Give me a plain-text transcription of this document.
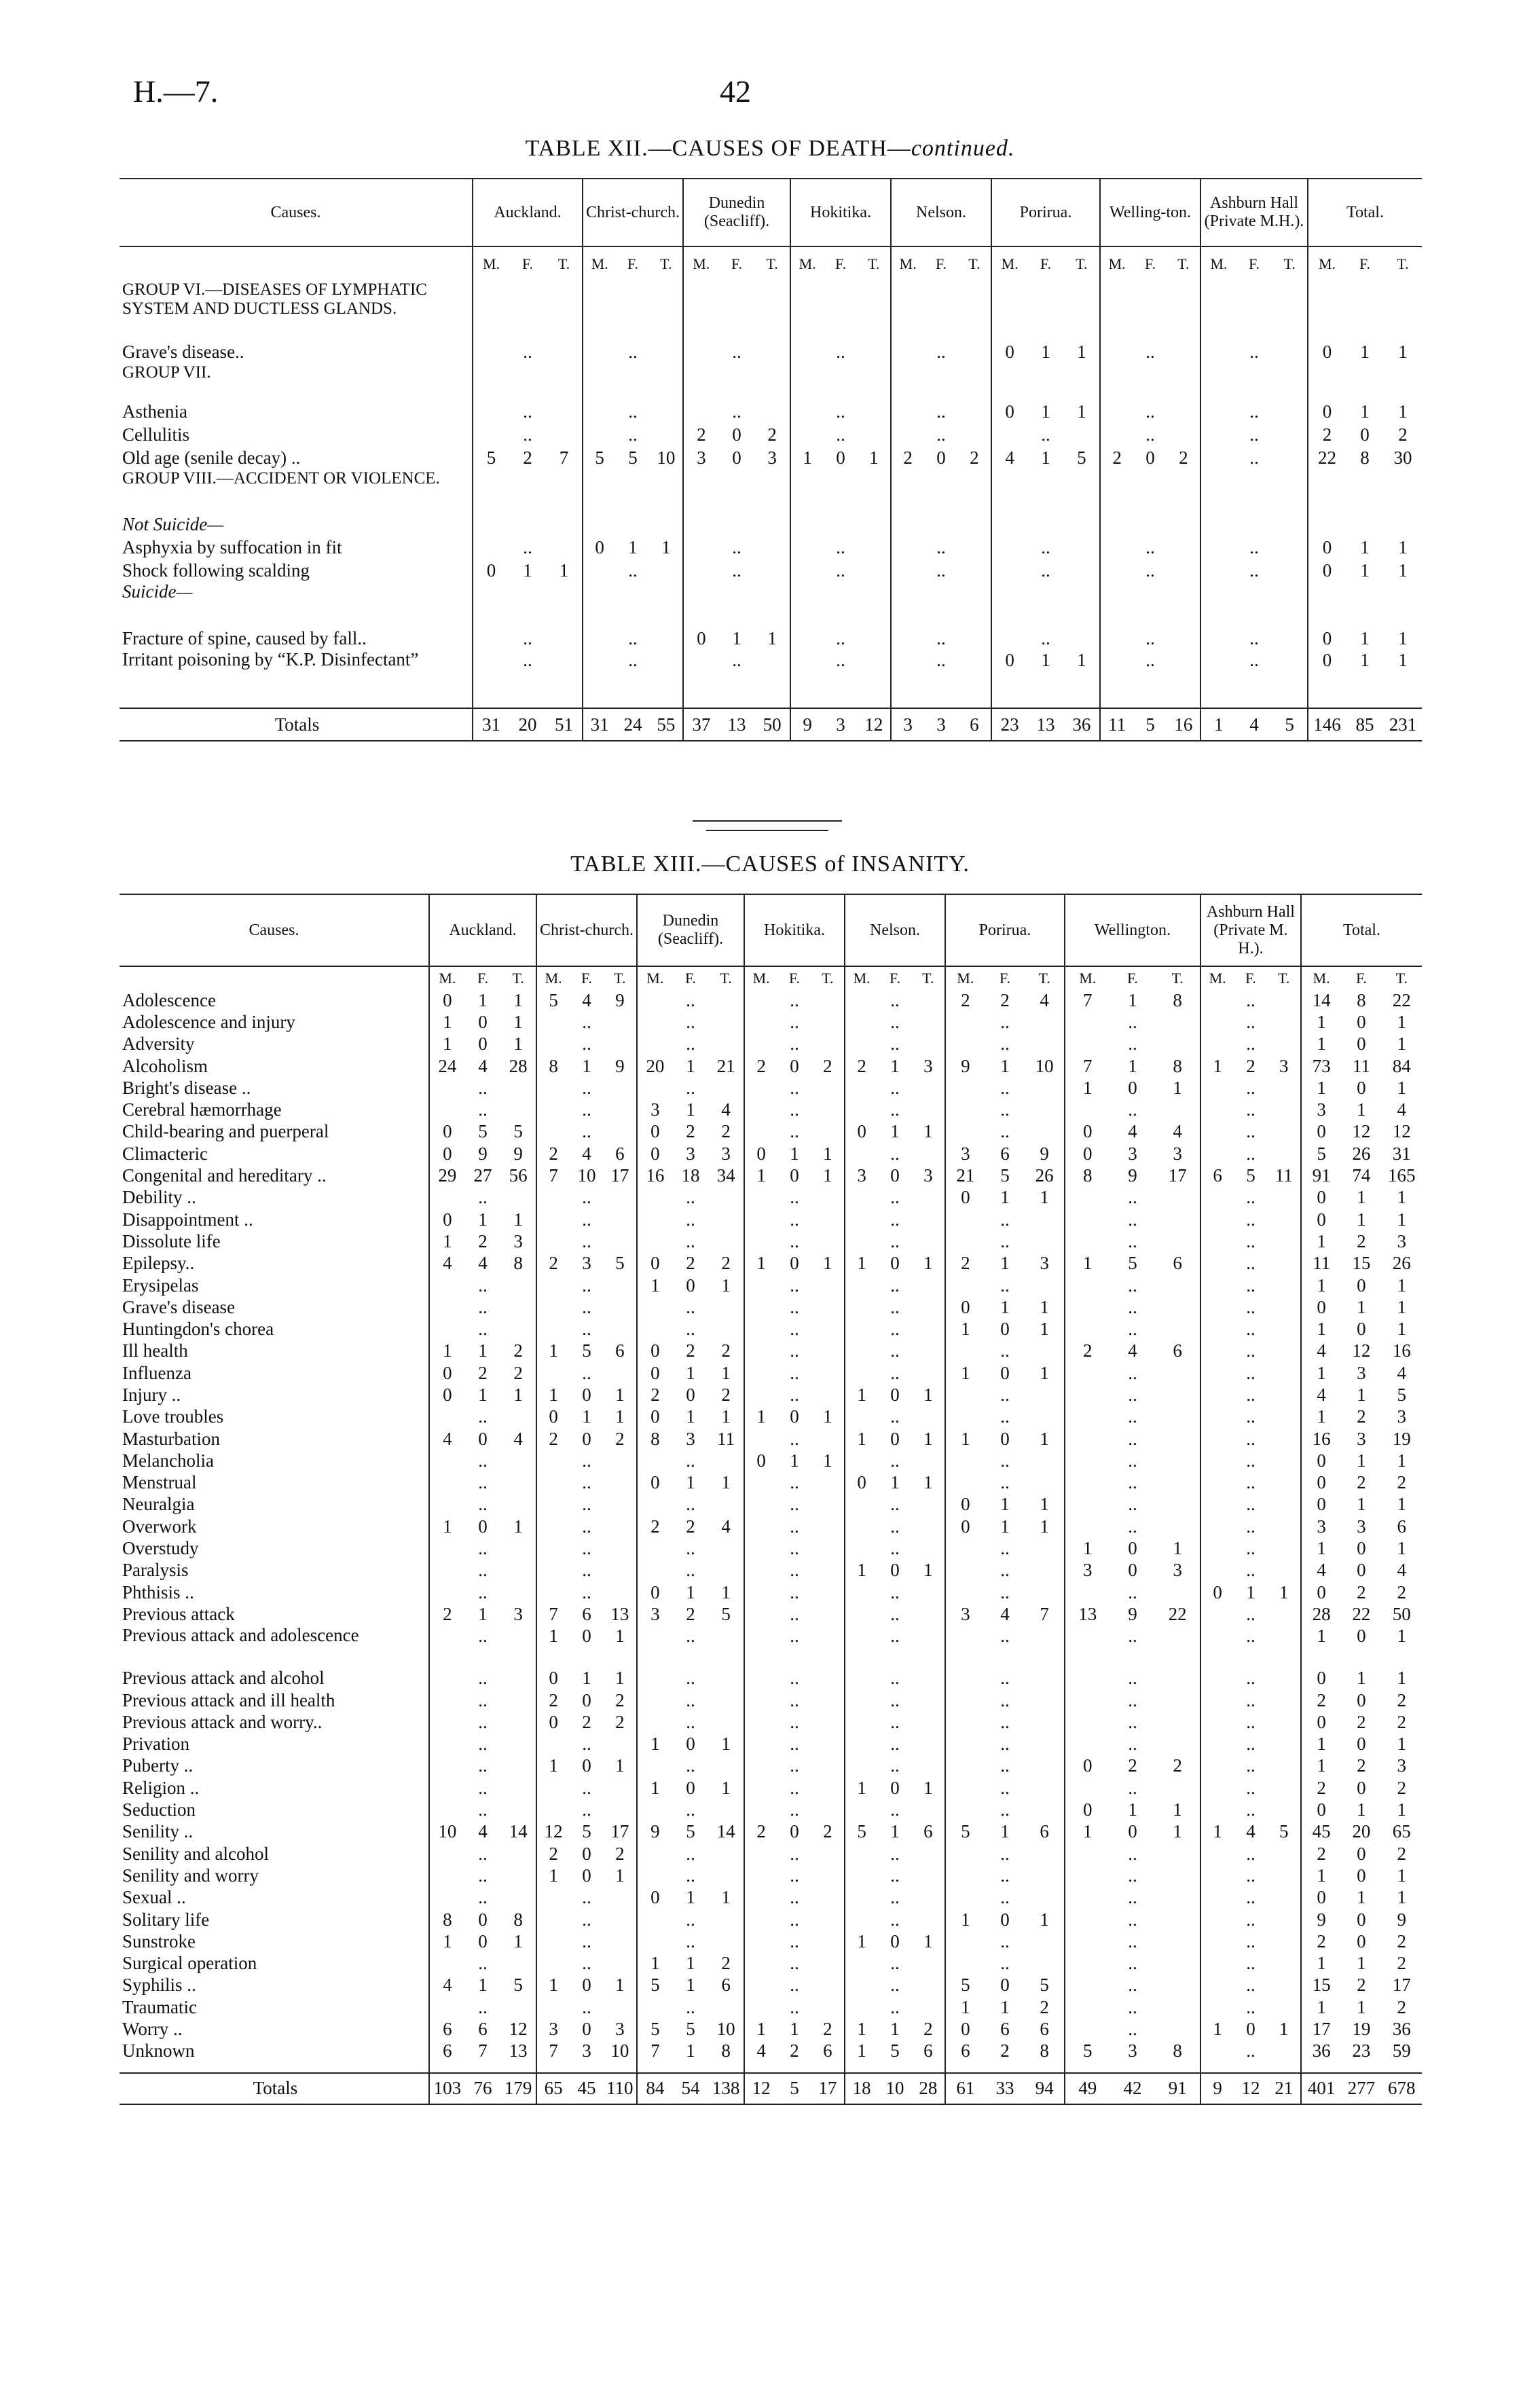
H.—7.	42
TABLE XII.—CAUSES OF DEATH—continued.
Causes.	Auckland.			Christ-church.			Dunedin (Seacliff).			Hokitika.			Nelson.			Porirua.			Welling-ton.			Ashburn Hall (Private M.H.).			Total.		
	M.	F.	T.	M.	F.	T.	M.	F.	T.	M.	F.	T.	M.	F.	T.	M.	F.	T.	M.	F.	T.	M.	F.	T.	M.	F.	T.
GROUP VI.—DISEASES OF LYMPHATIC SYSTEM AND DUCTLESS GLANDS.																											
Grave's disease..	..			..			..			..			..			0	1	1	..			..			0	1	1
GROUP VII.																											
Asthenia	..			..			..			..			..			0	1	1	..			..			0	1	1
Cellulitis	..			..			2	0	2	..			..			..			..			..			2	0	2
Old age (senile decay) ..	5	2	7	5	5	10	3	0	3	1	0	1	2	0	2	4	1	5	2	0	2	..			22	8	30
GROUP VIII.—ACCIDENT OR VIOLENCE.																											
Not Suicide—																											
Asphyxia by suffocation in fit	..			0	1	1	..			..			..			..			..			..			0	1	1
Shock following scalding	0	1	1	..			..			..			..			..			..			..			0	1	1
Suicide—																											
Fracture of spine, caused by fall..	..			..			0	1	1	..			..			..			..			..			0	1	1
Irritant poisoning by “K.P. Disinfectant”	..			..			..			..			..			0	1	1	..			..			0	1	1

Totals	31	20	51	31	24	55	37	13	50	9	3	12	3	3	6	23	13	36	11	5	16	1	4	5	146	85	231
TABLE XIII.—CAUSES of INSANITY.
Causes.	Auckland.			Christ-church.			Dunedin (Seacliff).			Hokitika.			Nelson.			Porirua.			Wellington.			Ashburn Hall (Private M. H.).			Total.		
	M.	F.	T.	M.	F.	T.	M.	F.	T.	M.	F.	T.	M.	F.	T.	M.	F.	T.	M.	F.	T.	M.	F.	T.	M.	F.	T.
Adolescence	0	1	1	5	4	9	..			..			..			2	2	4	7	1	8	..			14	8	22
Adolescence and injury	1	0	1	..			..			..			..			..			..			..			1	0	1
Adversity	1	0	1	..			..			..			..			..			..			..			1	0	1
Alcoholism	24	4	28	8	1	9	20	1	21	2	0	2	2	1	3	9	1	10	7	1	8	1	2	3	73	11	84
Bright's disease ..	..			..			..			..			..			..			1	0	1	..			1	0	1
Cerebral hæmorrhage	..			..			3	1	4	..			..			..			..			..			3	1	4
Child-bearing and puerperal	0	5	5	..			0	2	2	..			0	1	1	..			0	4	4	..			0	12	12
Climacteric	0	9	9	2	4	6	0	3	3	0	1	1	..			3	6	9	0	3	3	..			5	26	31
Congenital and hereditary ..	29	27	56	7	10	17	16	18	34	1	0	1	3	0	3	21	5	26	8	9	17	6	5	11	91	74	165
Debility ..	..			..			..			..			..			0	1	1	..			..			0	1	1
Disappointment ..	0	1	1	..			..			..			..			..			..			..			0	1	1
Dissolute life	1	2	3	..			..			..			..			..			..			..			1	2	3
Epilepsy..	4	4	8	2	3	5	0	2	2	1	0	1	1	0	1	2	1	3	1	5	6	..			11	15	26
Erysipelas	..			..			1	0	1	..			..			..			..			..			1	0	1
Grave's disease	..			..			..			..			..			0	1	1	..			..			0	1	1
Huntingdon's chorea	..			..			..			..			..			1	0	1	..			..			1	0	1
Ill health	1	1	2	1	5	6	0	2	2	..			..			..			2	4	6	..			4	12	16
Influenza	0	2	2	..			0	1	1	..			..			1	0	1	..			..			1	3	4
Injury ..	0	1	1	1	0	1	2	0	2	..			1	0	1	..			..			..			4	1	5
Love troubles	..			0	1	1	0	1	1	1	0	1	..			..			..			..			1	2	3
Masturbation	4	0	4	2	0	2	8	3	11	..			1	0	1	1	0	1	..			..			16	3	19
Melancholia	..			..			..			0	1	1	..			..			..			..			0	1	1
Menstrual	..			..			0	1	1	..			0	1	1	..			..			..			0	2	2
Neuralgia	..			..			..			..			..			0	1	1	..			..			0	1	1
Overwork	1	0	1	..			2	2	4	..			..			0	1	1	..			..			3	3	6
Overstudy	..			..			..			..			..			..			1	0	1	..			1	0	1
Paralysis	..			..			..			..			1	0	1	..			3	0	3	..			4	0	4
Phthisis ..	..			..			0	1	1	..			..			..			..			0	1	1	0	2	2
Previous attack	2	1	3	7	6	13	3	2	5	..			..			3	4	7	13	9	22	..			28	22	50
Previous attack and adolescence	..			1	0	1	..			..			..			..			..			..			1	0	1
Previous attack and alcohol	..			0	1	1	..			..			..			..			..			..			0	1	1
Previous attack and ill health	..			2	0	2	..			..			..			..			..			..			2	0	2
Previous attack and worry..	..			0	2	2	..			..			..			..			..			..			0	2	2
Privation	..			..			1	0	1	..			..			..			..			..			1	0	1
Puberty ..	..			1	0	1	..			..			..			..			0	2	2	..			1	2	3
Religion ..	..			..			1	0	1	..			1	0	1	..			..			..			2	0	2
Seduction	..			..			..			..			..			..			0	1	1	..			0	1	1
Senility ..	10	4	14	12	5	17	9	5	14	2	0	2	5	1	6	5	1	6	1	0	1	1	4	5	45	20	65
Senility and alcohol	..			2	0	2	..			..			..			..			..			..			2	0	2
Senility and worry	..			1	0	1	..			..			..			..			..			..			1	0	1
Sexual ..	..			..			0	1	1	..			..			..			..			..			0	1	1
Solitary life	8	0	8	..			..			..			..			1	0	1	..			..			9	0	9
Sunstroke	1	0	1	..			..			..			1	0	1	..			..			..			2	0	2
Surgical operation	..			..			1	1	2	..			..			..			..			..			1	1	2
Syphilis ..	4	1	5	1	0	1	5	1	6	..			..			5	0	5	..			..			15	2	17
Traumatic	..			..			..			..			..			1	1	2	..			..			1	1	2
Worry ..	6	6	12	3	0	3	5	5	10	1	1	2	1	1	2	0	6	6	..			1	0	1	17	19	36
Unknown	6	7	13	7	3	10	7	1	8	4	2	6	1	5	6	6	2	8	5	3	8	..			36	23	59

Totals	103	76	179	65	45	110	84	54	138	12	5	17	18	10	28	61	33	94	49	42	91	9	12	21	401	277	678
